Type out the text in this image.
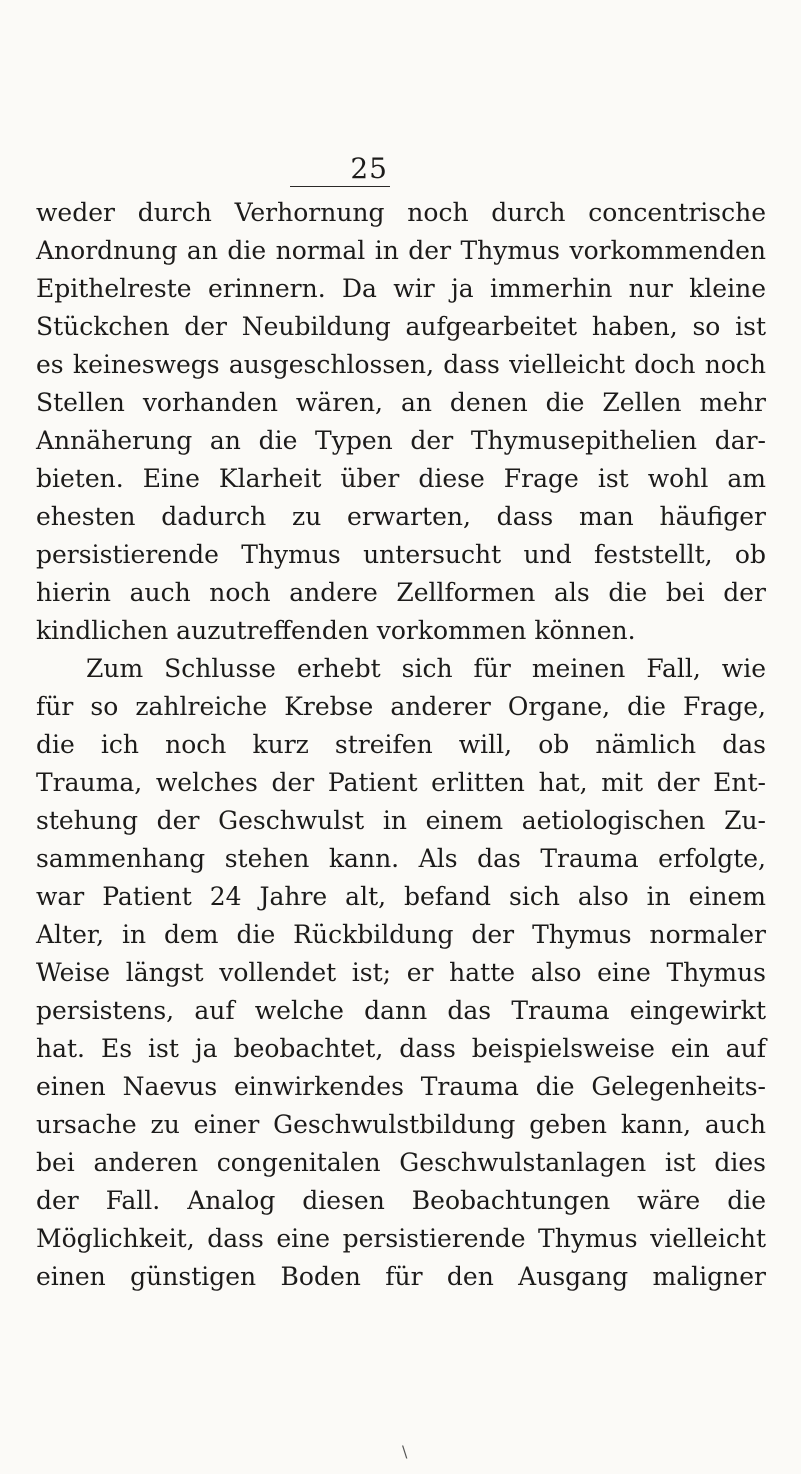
25
weder durch Verhornung noch durch concentrische
Anordnung an die normal in der Thymus vorkommenden
Epithelreste erinnern. Da wir ja immerhin nur kleine
Stückchen der Neubildung aufgearbeitet haben, so ist
es keineswegs ausgeschlossen, dass vielleicht doch noch
Stellen vorhanden wären, an denen die Zellen mehr
Annäherung an die Typen der Thymusepithelien dar-
bieten. Eine Klarheit über diese Frage ist wohl am
ehesten dadurch zu erwarten, dass man häufiger
persistierende Thymus untersucht und feststellt, ob
hierin auch noch andere Zellformen als die bei der
kindlichen auzutreffenden vorkommen können.
Zum Schlusse erhebt sich für meinen Fall, wie
für so zahlreiche Krebse anderer Organe, die Frage,
die ich noch kurz streifen will, ob nämlich das
Trauma, welches der Patient erlitten hat, mit der Ent-
stehung der Geschwulst in einem aetiologischen Zu-
sammenhang stehen kann. Als das Trauma erfolgte,
war Patient 24 Jahre alt, befand sich also in einem
Alter, in dem die Rückbildung der Thymus normaler
Weise längst vollendet ist; er hatte also eine Thymus
persistens, auf welche dann das Trauma eingewirkt
hat. Es ist ja beobachtet, dass beispielsweise ein auf
einen Naevus einwirkendes Trauma die Gelegenheits-
ursache zu einer Geschwulstbildung geben kann, auch
bei anderen congenitalen Geschwulstanlagen ist dies
der Fall. Analog diesen Beobachtungen wäre die
Möglichkeit, dass eine persistierende Thymus vielleicht
einen günstigen Boden für den Ausgang maligner
\
